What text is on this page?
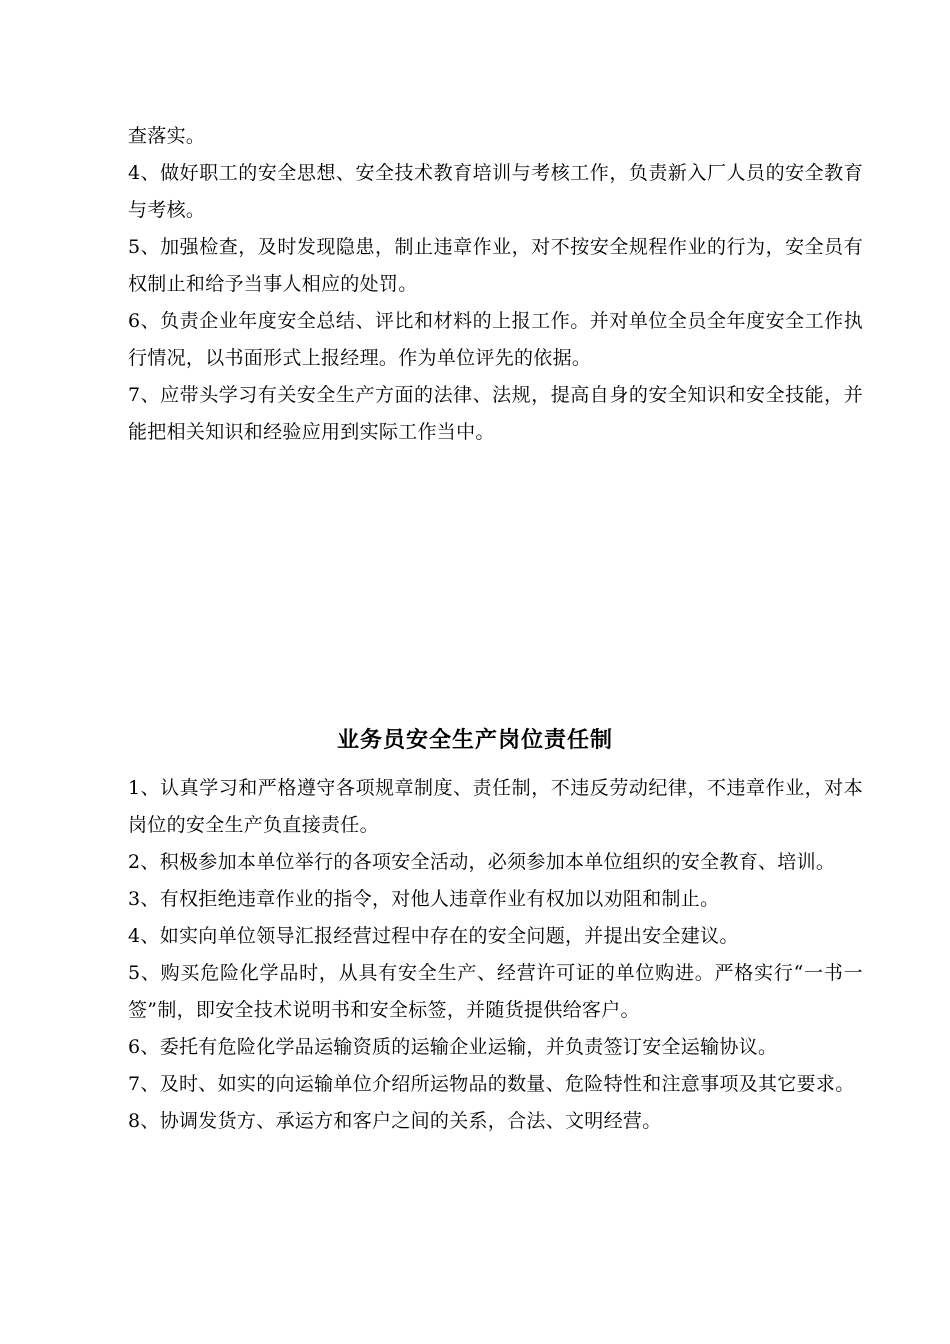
查落实。

4、做好职工的安全思想、安全技术教育培训与考核工作，负责新入厂人员的安全教育与考核。

5、加强检查，及时发现隐患，制止违章作业，对不按安全规程作业的行为，安全员有权制止和给予当事人相应的处罚。

6、负责企业年度安全总结、评比和材料的上报工作。并对单位全员全年度安全工作执行情况，以书面形式上报经理。作为单位评先的依据。

7、应带头学习有关安全生产方面的法律、法规，提高自身的安全知识和安全技能，并能把相关知识和经验应用到实际工作当中。

业务员安全生产岗位责任制

1、认真学习和严格遵守各项规章制度、责任制，不违反劳动纪律，不违章作业，对本岗位的安全生产负直接责任。

2、积极参加本单位举行的各项安全活动，必须参加本单位组织的安全教育、培训。

3、有权拒绝违章作业的指令，对他人违章作业有权加以劝阻和制止。

4、如实向单位领导汇报经营过程中存在的安全问题，并提出安全建议。

5、购买危险化学品时，从具有安全生产、经营许可证的单位购进。严格实行“一书一签”制，即安全技术说明书和安全标签，并随货提供给客户。

6、委托有危险化学品运输资质的运输企业运输，并负责签订安全运输协议。

7、及时、如实的向运输单位介绍所运物品的数量、危险特性和注意事项及其它要求。

8、协调发货方、承运方和客户之间的关系，合法、文明经营。
